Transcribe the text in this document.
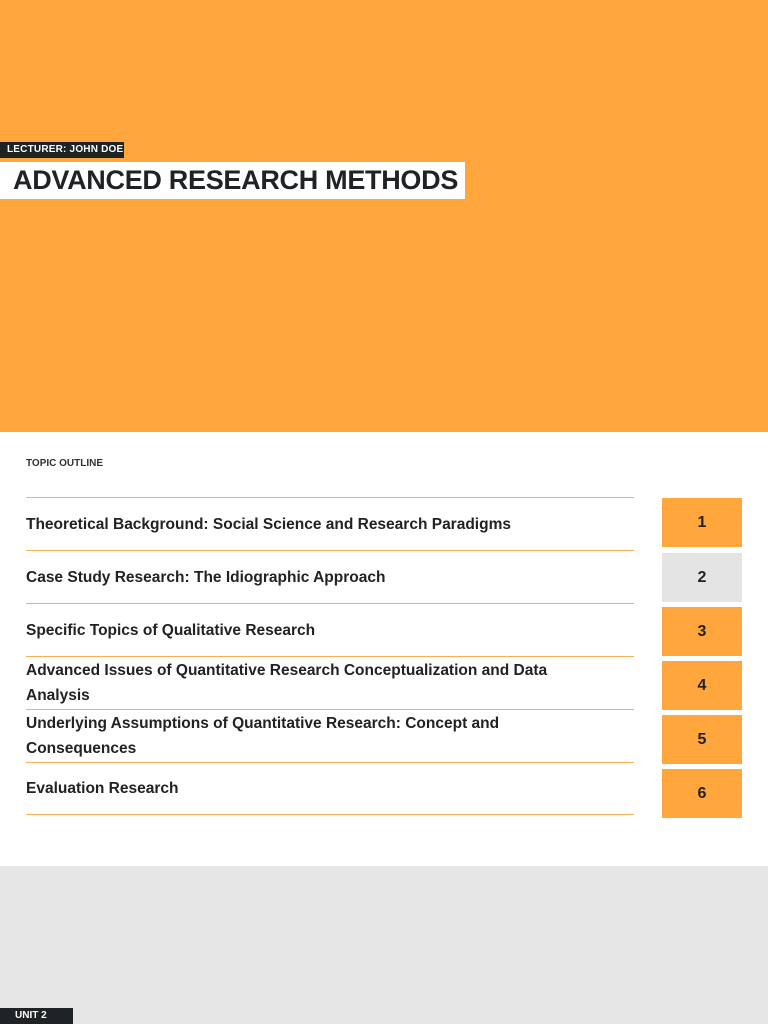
LECTURER: JOHN DOE
ADVANCED RESEARCH METHODS
TOPIC OUTLINE
Theoretical Background: Social Science and Research Paradigms
Case Study Research: The Idiographic Approach
Specific Topics of Qualitative Research
Advanced Issues of Quantitative Research Conceptualization and Data Analysis
Underlying Assumptions of Quantitative Research: Concept and Consequences
Evaluation Research
1
2
3
4
5
6
UNIT 2
